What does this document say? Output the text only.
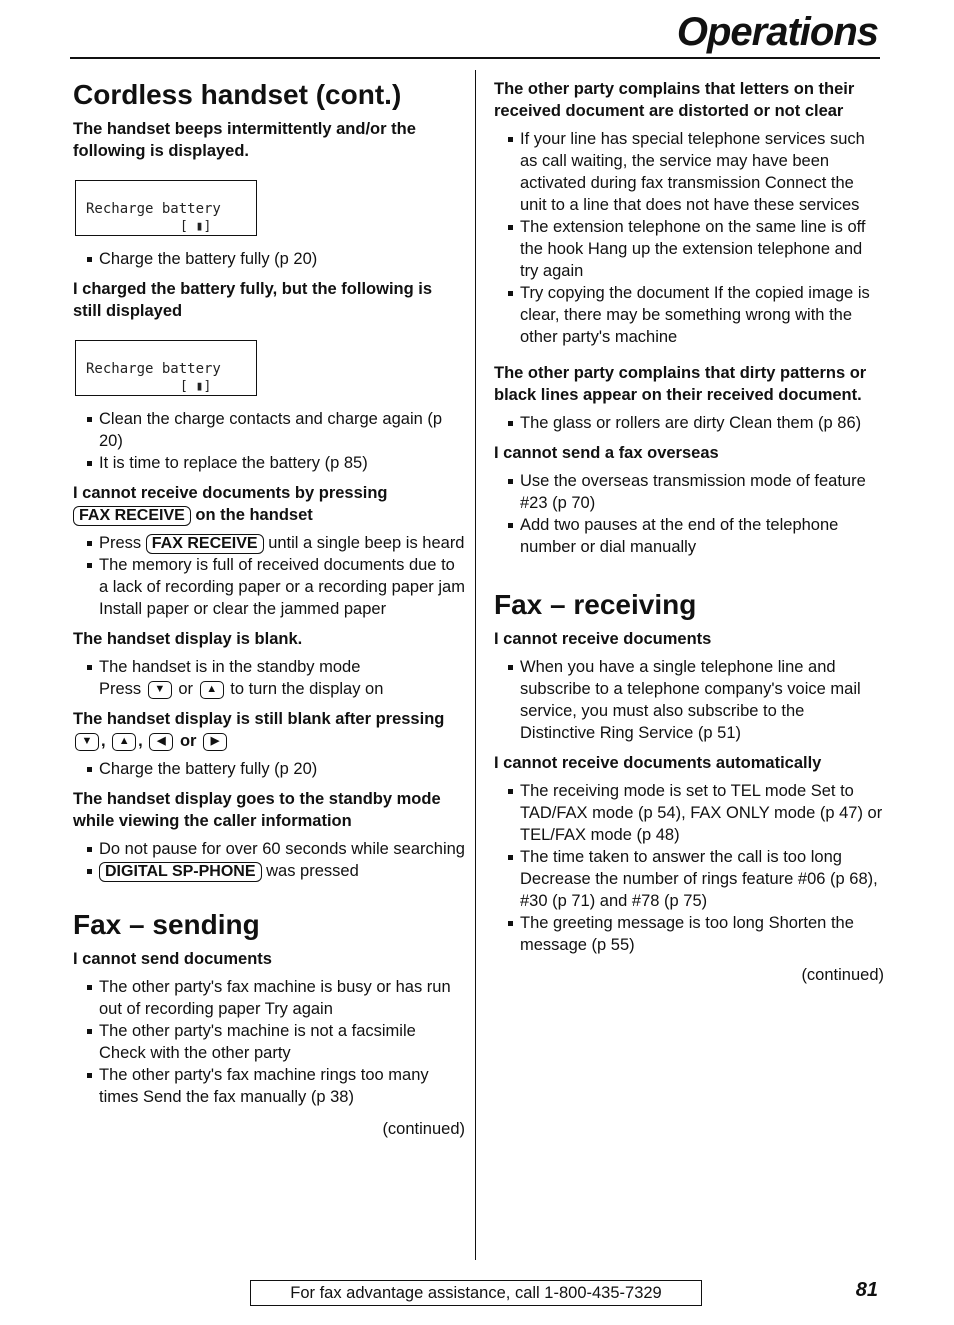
Operations
Cordless handset (cont.)
The handset beeps intermittently and/or the following is displayed.
Recharge battery
[ ▮]
Charge the battery fully (p 20)
I charged the battery fully, but the following is still displayed
Recharge battery
[ ▮]
Clean the charge contacts and charge again (p 20)
It is time to replace the battery (p 85)
I cannot receive documents by pressing FAX RECEIVE on the handset
Press FAX RECEIVE until a single beep is heard
The memory is full of received documents due to a lack of recording paper or a recording paper jam Install paper or clear the jammed paper
The handset display is blank.
The handset is in the standby mode
Press ▼ or ▲ to turn the display on
The handset display is still blank after pressing ▼ , ▲ , ◀ or ▶
Charge the battery fully (p 20)
The handset display goes to the standby mode while viewing the caller information
Do not pause for over 60 seconds while searching
DIGITAL SP-PHONE was pressed
Fax – sending
I cannot send documents
The other party's fax machine is busy or has run out of recording paper Try again
The other party's machine is not a facsimile Check with the other party
The other party's fax machine rings too many times Send the fax manually (p 38)
(continued)
The other party complains that letters on their received document are distorted or not clear
If your line has special telephone services such as call waiting, the service may have been activated during fax transmission Connect the unit to a line that does not have these services
The extension telephone on the same line is off the hook Hang up the extension telephone and try again
Try copying the document If the copied image is clear, there may be something wrong with the other party's machine
The other party complains that dirty patterns or black lines appear on their received document.
The glass or rollers are dirty Clean them (p 86)
I cannot send a fax overseas
Use the overseas transmission mode of feature #23 (p 70)
Add two pauses at the end of the telephone number or dial manually
Fax – receiving
I cannot receive documents
When you have a single telephone line and subscribe to a telephone company's voice mail service, you must also subscribe to the Distinctive Ring Service (p 51)
I cannot receive documents automatically
The receiving mode is set to TEL mode Set to TAD/FAX mode (p 54), FAX ONLY mode (p 47) or TEL/FAX mode (p 48)
The time taken to answer the call is too long Decrease the number of rings feature #06 (p 68), #30 (p 71) and #78 (p 75)
The greeting message is too long Shorten the message (p 55)
(continued)
For fax advantage assistance, call 1-800-435-7329	81
